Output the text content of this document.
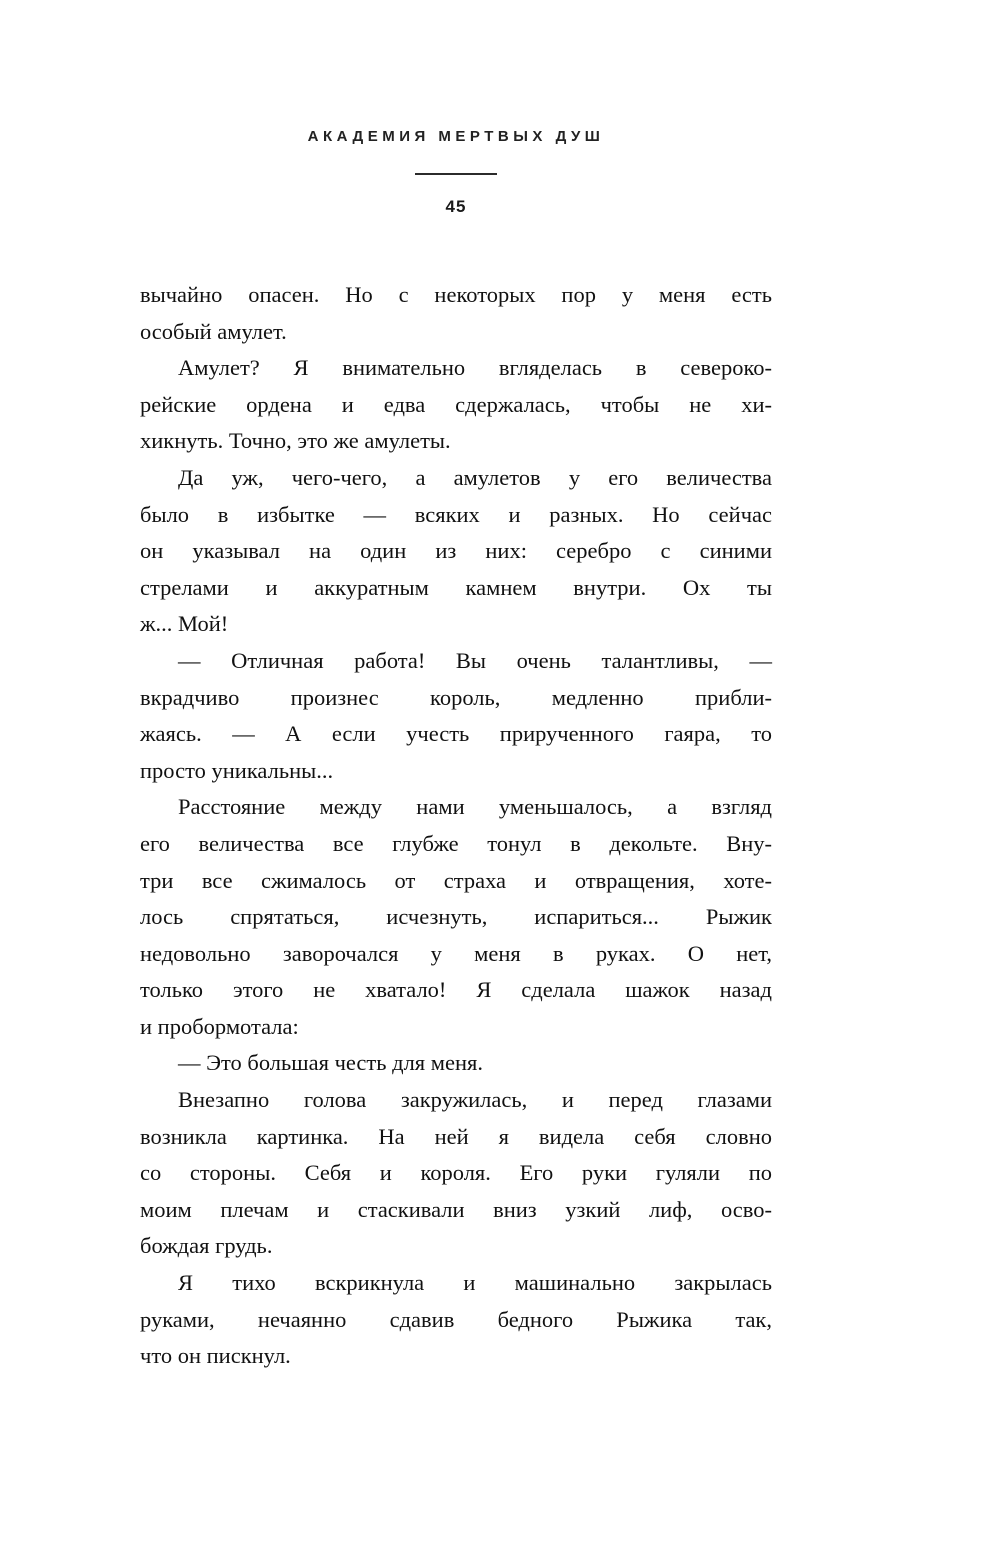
АКАДЕМИЯ МЕРТВЫХ ДУШ
45
вычайно опасен. Но с некоторых пор у меня есть
особый амулет.
Амулет? Я внимательно вгляделась в североко-
рейские ордена и едва сдержалась, чтобы не хи-
хикнуть. Точно, это же амулеты.
Да уж, чего-чего, а амулетов у его величества
было в избытке — всяких и разных. Но сейчас
он указывал на один из них: серебро с синими
стрелами и аккуратным камнем внутри. Ох ты
ж... Мой!
— Отличная работа! Вы очень талантливы, —
вкрадчиво произнес король, медленно прибли-
жаясь. — А если учесть прирученного гаяра, то
просто уникальны...
Расстояние между нами уменьшалось, а взгляд
его величества все глубже тонул в декольте. Вну-
три все сжималось от страха и отвращения, хоте-
лось спрятаться, исчезнуть, испариться... Рыжик
недовольно заворочался у меня в руках. О нет,
только этого не хватало! Я сделала шажок назад
и пробормотала:
— Это большая честь для меня.
Внезапно голова закружилась, и перед глазами
возникла картинка. На ней я видела себя словно
со стороны. Себя и короля. Его руки гуляли по
моим плечам и стаскивали вниз узкий лиф, осво-
бождая грудь.
Я тихо вскрикнула и машинально закрылась
руками, нечаянно сдавив бедного Рыжика так,
что он пискнул.
